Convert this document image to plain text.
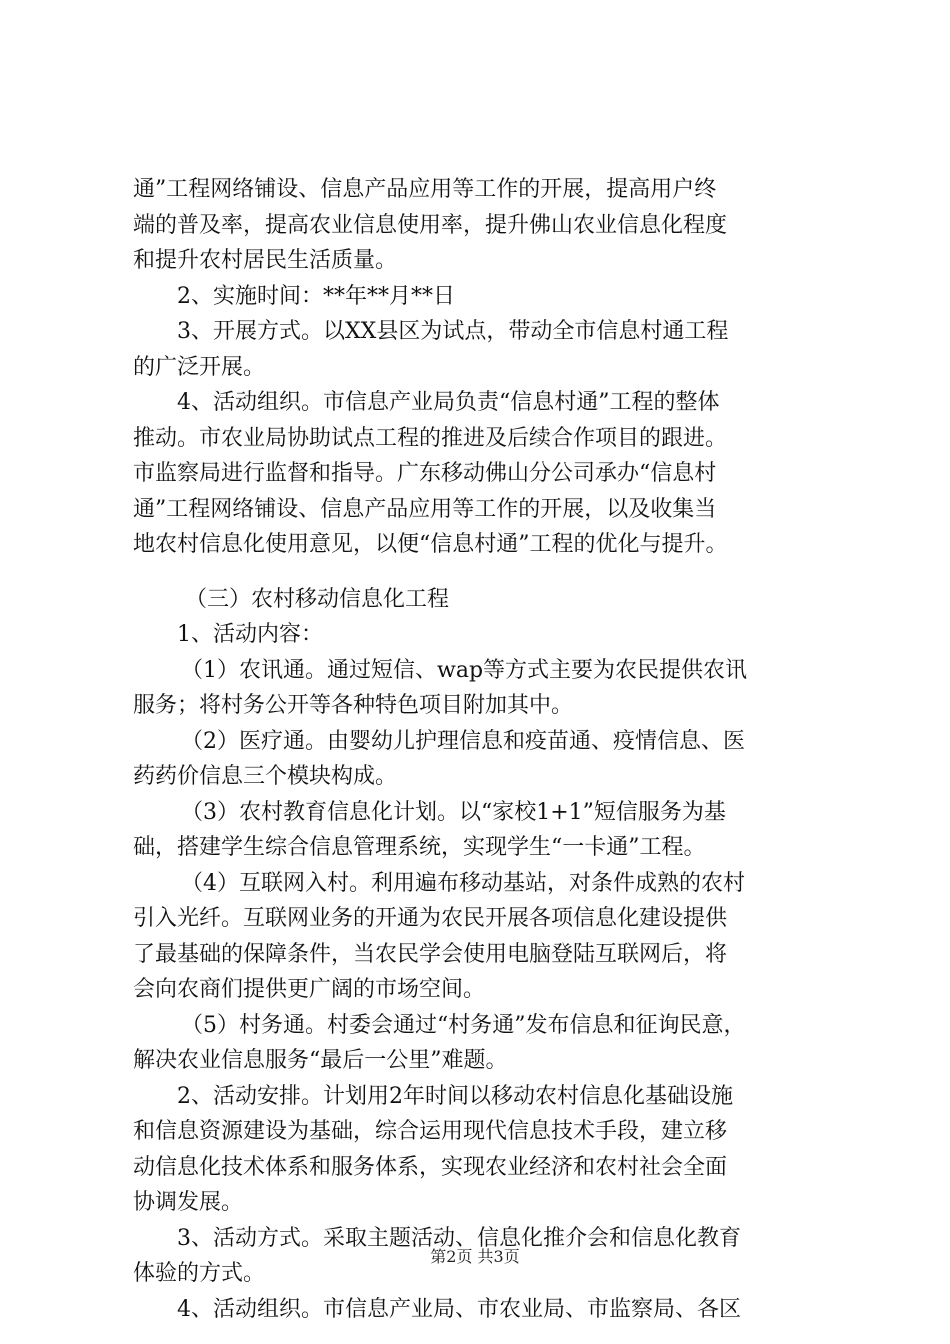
通”工程网络铺设、信息产品应用等工作的开展，提高用户终
端的普及率，提高农业信息使用率，提升佛山农业信息化程度
和提升农村居民生活质量。
2、实施时间：**年**月**日
3、开展方式。以XX县区为试点，带动全市信息村通工程
的广泛开展。
4、活动组织。市信息产业局负责“信息村通”工程的整体
推动。市农业局协助试点工程的推进及后续合作项目的跟进。
市监察局进行监督和指导。广东移动佛山分公司承办“信息村
通”工程网络铺设、信息产品应用等工作的开展，以及收集当
地农村信息化使用意见，以便“信息村通”工程的优化与提升。
（三）农村移动信息化工程
1、活动内容：
（1）农讯通。通过短信、wap等方式主要为农民提供农讯
服务；将村务公开等各种特色项目附加其中。
（2）医疗通。由婴幼儿护理信息和疫苗通、疫情信息、医
药药价信息三个模块构成。
（3）农村教育信息化计划。以“家校1+1”短信服务为基
础，搭建学生综合信息管理系统，实现学生“一卡通”工程。
（4）互联网入村。利用遍布移动基站，对条件成熟的农村
引入光纤。互联网业务的开通为农民开展各项信息化建设提供
了最基础的保障条件，当农民学会使用电脑登陆互联网后，将
会向农商们提供更广阔的市场空间。
（5）村务通。村委会通过“村务通”发布信息和征询民意，
解决农业信息服务“最后一公里”难题。
2、活动安排。计划用2年时间以移动农村信息化基础设施
和信息资源建设为基础，综合运用现代信息技术手段，建立移
动信息化技术体系和服务体系，实现农业经济和农村社会全面
协调发展。
3、活动方式。采取主题活动、信息化推介会和信息化教育
体验的方式。
4、活动组织。市信息产业局、市农业局、市监察局、各区
第2页 共3页
